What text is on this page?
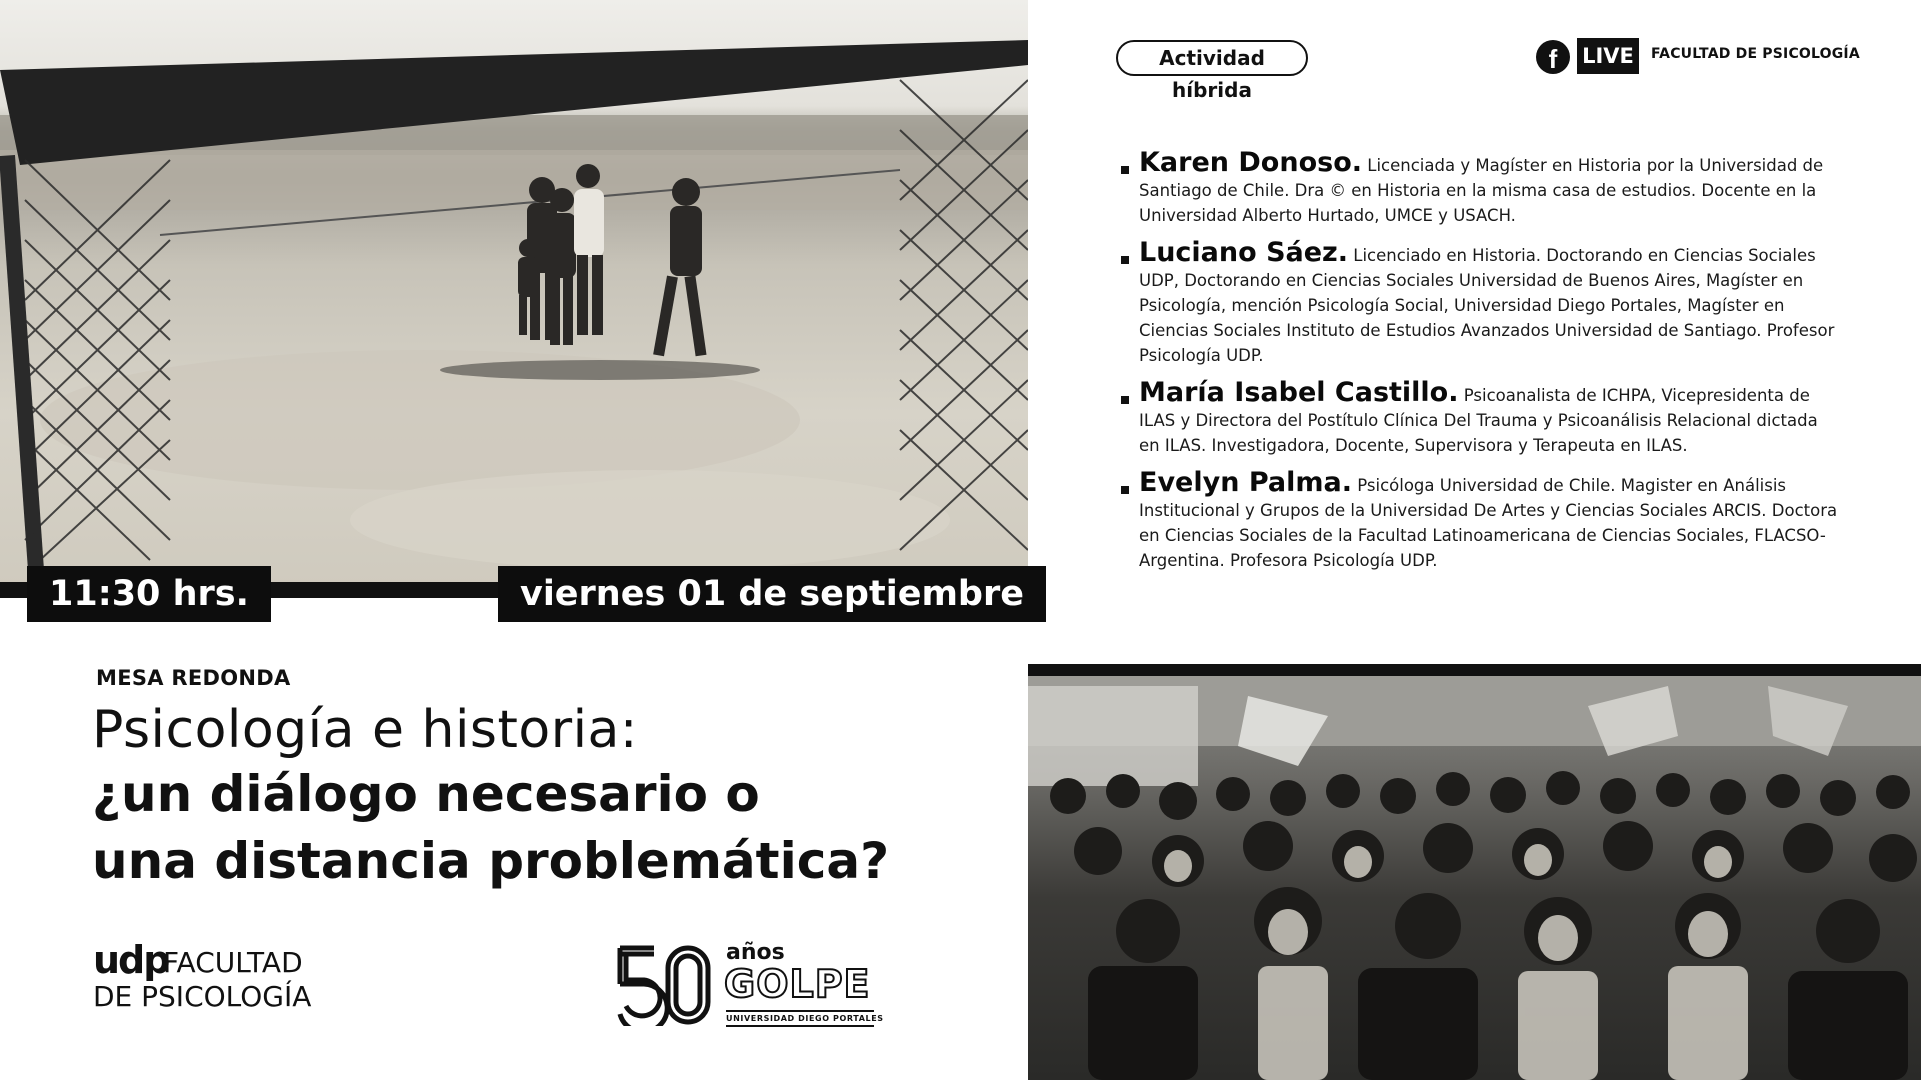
11:30 hrs.	viernes 01 de septiembre
Actividad híbrida
f	LIVE	FACULTAD DE PSICOLOGÍA
Karen Donoso. Licenciada y Magíster en Historia por la Universidad de Santiago de Chile. Dra © en Historia en la misma casa de estudios. Docente en la Universidad Alberto Hurtado, UMCE y USACH.
Luciano Sáez. Licenciado en Historia. Doctorando en Ciencias Sociales UDP, Doctorando en Ciencias Sociales Universidad de Buenos Aires, Magíster en Psicología, mención Psicología Social, Universidad Diego Portales, Magíster en Ciencias Sociales Instituto de Estudios Avanzados Universidad de Santiago. Profesor Psicología UDP.
María Isabel Castillo. Psicoanalista de ICHPA, Vicepresidenta de ILAS y Directora del Postítulo Clínica Del Trauma y Psicoanálisis Relacional dictada en ILAS. Investigadora, Docente, Supervisora y Terapeuta en ILAS.
Evelyn Palma. Psicóloga Universidad de Chile. Magister en Análisis Institucional y Grupos de la Universidad De Artes y Ciencias Sociales ARCIS. Doctora en Ciencias Sociales de la Facultad Latinoamericana de Ciencias Sociales, FLACSO-Argentina. Profesora Psicología UDP.
MESA REDONDA
Psicología e historia:
¿un diálogo necesario o
una distancia problemática?
udp
FACULTAD
DE PSICOLOGÍA
años
GOLPE
UNIVERSIDAD DIEGO PORTALES
